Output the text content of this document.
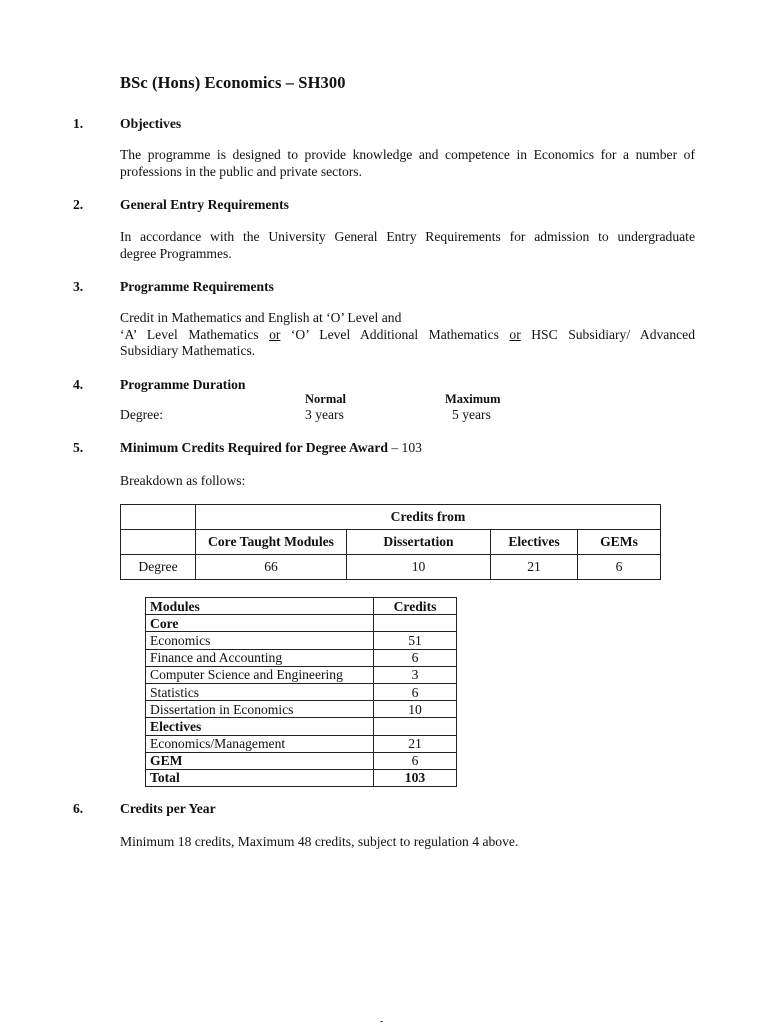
BSc (Hons) Economics – SH300
1.	Objectives
The programme is designed to provide knowledge and competence in Economics for a number of
professions in the public and private sectors.
2.	General Entry Requirements
In accordance with the University General Entry Requirements for admission to undergraduate
degree Programmes.
3.	Programme Requirements
Credit in Mathematics and English at ‘O’ Level and
‘A’ Level Mathematics or ‘O’ Level Additional Mathematics or HSC Subsidiary/ Advanced
Subsidiary Mathematics.
4.	Programme Duration
Normal	Maximum
Degree:	3 years	5 years
5.	Minimum Credits Required for Degree Award – 103
Breakdown as follows:
	Credits from			
	Core Taught Modules	Dissertation	Electives	GEMs
Degree	66	10	21	6
Modules	Credits
Core	
Economics	51
Finance and Accounting	6
Computer Science and Engineering	3
Statistics	6
Dissertation in Economics	10
Electives	
Economics/Management	21
GEM	6
Total	103
6.	Credits per Year
Minimum 18 credits, Maximum 48 credits, subject to regulation 4 above.
-
